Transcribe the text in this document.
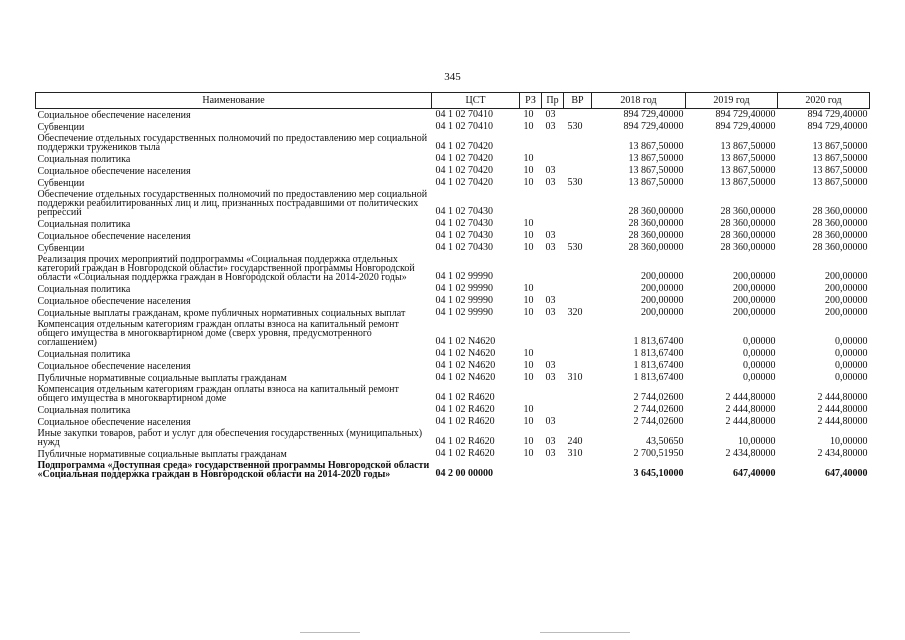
345
Наименование	ЦСТ	РЗ	Пр	ВР	2018 год	2019 год	2020 год
Социальное обеспечение населения	04 1 02 70410	10	03		894 729,40000	894 729,40000	894 729,40000
Субвенции	04 1 02 70410	10	03	530	894 729,40000	894 729,40000	894 729,40000
Обеспечение отдельных государственных полномочий по предоставлению мер социальной поддержки тружеников тыла	04 1 02 70420				13 867,50000	13 867,50000	13 867,50000
Социальная политика	04 1 02 70420	10			13 867,50000	13 867,50000	13 867,50000
Социальное обеспечение населения	04 1 02 70420	10	03		13 867,50000	13 867,50000	13 867,50000
Субвенции	04 1 02 70420	10	03	530	13 867,50000	13 867,50000	13 867,50000
Обеспечение отдельных государственных полномочий по предоставлению мер социальной поддержки реабилитированных лиц и лиц, признанных пострадавшими от политических репрессий	04 1 02 70430				28 360,00000	28 360,00000	28 360,00000
Социальная политика	04 1 02 70430	10			28 360,00000	28 360,00000	28 360,00000
Социальное обеспечение населения	04 1 02 70430	10	03		28 360,00000	28 360,00000	28 360,00000
Субвенции	04 1 02 70430	10	03	530	28 360,00000	28 360,00000	28 360,00000
Реализация прочих мероприятий подпрограммы «Социальная поддержка отдельных категорий граждан в Новгородской области» государственной программы Новгородской области «Социальная поддержка граждан в Новгородской области на 2014-2020 годы»	04 1 02 99990				200,00000	200,00000	200,00000
Социальная политика	04 1 02 99990	10			200,00000	200,00000	200,00000
Социальное обеспечение населения	04 1 02 99990	10	03		200,00000	200,00000	200,00000
Социальные выплаты гражданам, кроме публичных нормативных социальных выплат	04 1 02 99990	10	03	320	200,00000	200,00000	200,00000
Компенсация отдельным категориям граждан оплаты взноса на капитальный ремонт общего имущества в многоквартирном доме (сверх уровня, предусмотренного соглашением)	04 1 02 N4620				1 813,67400	0,00000	0,00000
Социальная политика	04 1 02 N4620	10			1 813,67400	0,00000	0,00000
Социальное обеспечение населения	04 1 02 N4620	10	03		1 813,67400	0,00000	0,00000
Публичные нормативные социальные выплаты гражданам	04 1 02 N4620	10	03	310	1 813,67400	0,00000	0,00000
Компенсация отдельным категориям граждан оплаты взноса на капитальный ремонт общего имущества в многоквартирном доме	04 1 02 R4620				2 744,02600	2 444,80000	2 444,80000
Социальная политика	04 1 02 R4620	10			2 744,02600	2 444,80000	2 444,80000
Социальное обеспечение населения	04 1 02 R4620	10	03		2 744,02600	2 444,80000	2 444,80000
Иные закупки товаров, работ и услуг для обеспечения государственных (муниципальных) нужд	04 1 02 R4620	10	03	240	43,50650	10,00000	10,00000
Публичные нормативные социальные выплаты гражданам	04 1 02 R4620	10	03	310	2 700,51950	2 434,80000	2 434,80000
Подпрограмма «Доступная среда» государственной программы Новгородской области «Социальная поддержка граждан в Новгородской области на 2014-2020 годы»	04 2 00 00000				3 645,10000	647,40000	647,40000
